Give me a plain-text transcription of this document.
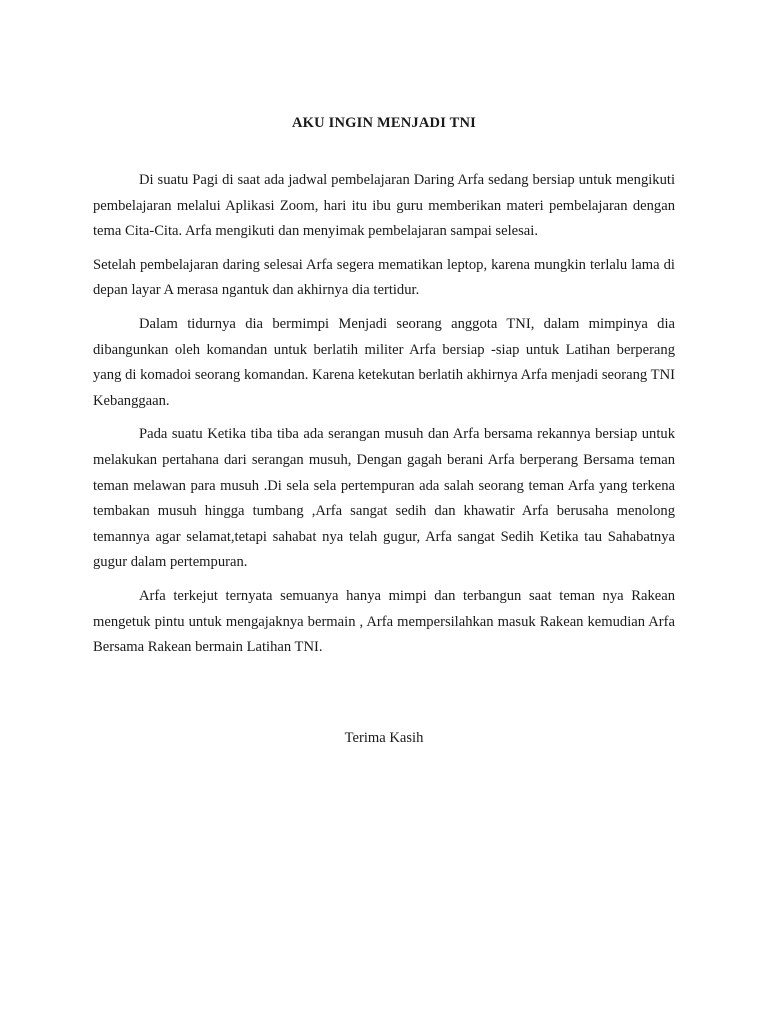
AKU INGIN MENJADI TNI

Di suatu Pagi di saat ada jadwal pembelajaran Daring Arfa sedang bersiap untuk mengikuti pembelajaran melalui Aplikasi Zoom, hari itu ibu guru memberikan materi pembelajaran dengan tema Cita-Cita. Arfa mengikuti dan menyimak pembelajaran sampai selesai.

Setelah pembelajaran daring selesai Arfa segera mematikan leptop, karena mungkin terlalu lama di depan layar A merasa ngantuk dan akhirnya dia tertidur.

Dalam tidurnya dia bermimpi Menjadi seorang anggota TNI, dalam mimpinya dia dibangunkan oleh komandan untuk berlatih militer Arfa bersiap -siap untuk Latihan berperang yang di komadoi seorang komandan. Karena ketekutan berlatih akhirnya Arfa menjadi seorang TNI Kebanggaan.

Pada suatu Ketika tiba tiba ada serangan musuh dan Arfa bersama rekannya bersiap untuk melakukan pertahana dari serangan musuh, Dengan gagah berani Arfa berperang Bersama teman teman melawan para musuh .Di sela sela pertempuran ada salah seorang teman Arfa yang terkena tembakan musuh hingga tumbang ,Arfa sangat sedih dan khawatir Arfa berusaha menolong temannya agar selamat,tetapi sahabat nya telah gugur, Arfa sangat Sedih Ketika tau Sahabatnya gugur dalam pertempuran.

Arfa terkejut ternyata semuanya hanya mimpi dan terbangun saat teman nya Rakean mengetuk pintu untuk mengajaknya bermain , Arfa mempersilahkan masuk Rakean kemudian Arfa Bersama Rakean bermain Latihan TNI.

Terima Kasih
